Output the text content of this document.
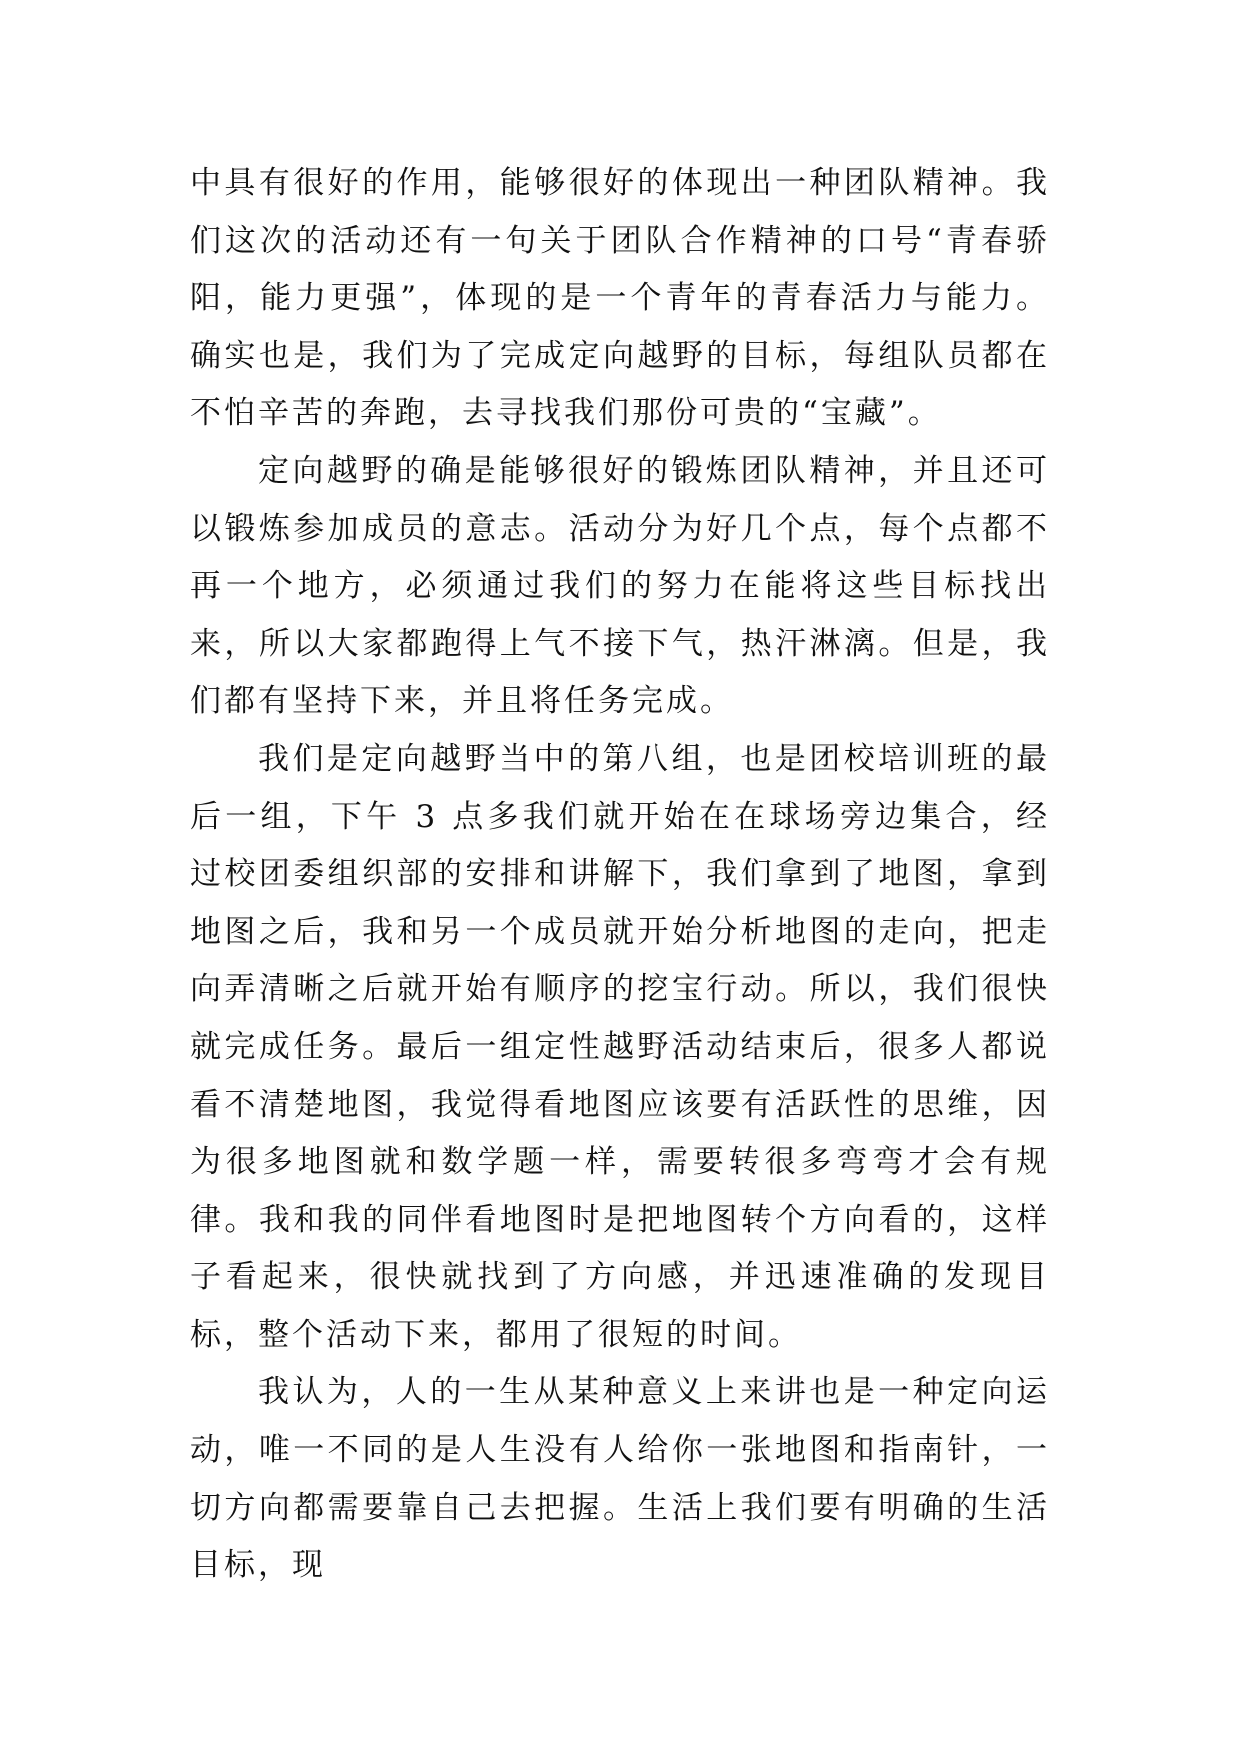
中具有很好的作用，能够很好的体现出一种团队精神。我们这次的活动还有一句关于团队合作精神的口号“青春骄阳，能力更强”，体现的是一个青年的青春活力与能力。确实也是，我们为了完成定向越野的目标，每组队员都在不怕辛苦的奔跑，去寻找我们那份可贵的“宝藏”。

定向越野的确是能够很好的锻炼团队精神，并且还可以锻炼参加成员的意志。活动分为好几个点，每个点都不再一个地方，必须通过我们的努力在能将这些目标找出来，所以大家都跑得上气不接下气，热汗淋漓。但是，我们都有坚持下来，并且将任务完成。

我们是定向越野当中的第八组，也是团校培训班的最后一组，下午 3 点多我们就开始在在球场旁边集合，经过校团委组织部的安排和讲解下，我们拿到了地图，拿到地图之后，我和另一个成员就开始分析地图的走向，把走向弄清晰之后就开始有顺序的挖宝行动。所以，我们很快就完成任务。最后一组定性越野活动结束后，很多人都说看不清楚地图，我觉得看地图应该要有活跃性的思维，因为很多地图就和数学题一样，需要转很多弯弯才会有规律。我和我的同伴看地图时是把地图转个方向看的，这样子看起来，很快就找到了方向感，并迅速准确的发现目标，整个活动下来，都用了很短的时间。

我认为，人的一生从某种意义上来讲也是一种定向运动，唯一不同的是人生没有人给你一张地图和指南针，一切方向都需要靠自己去把握。生活上我们要有明确的生活目标，现
